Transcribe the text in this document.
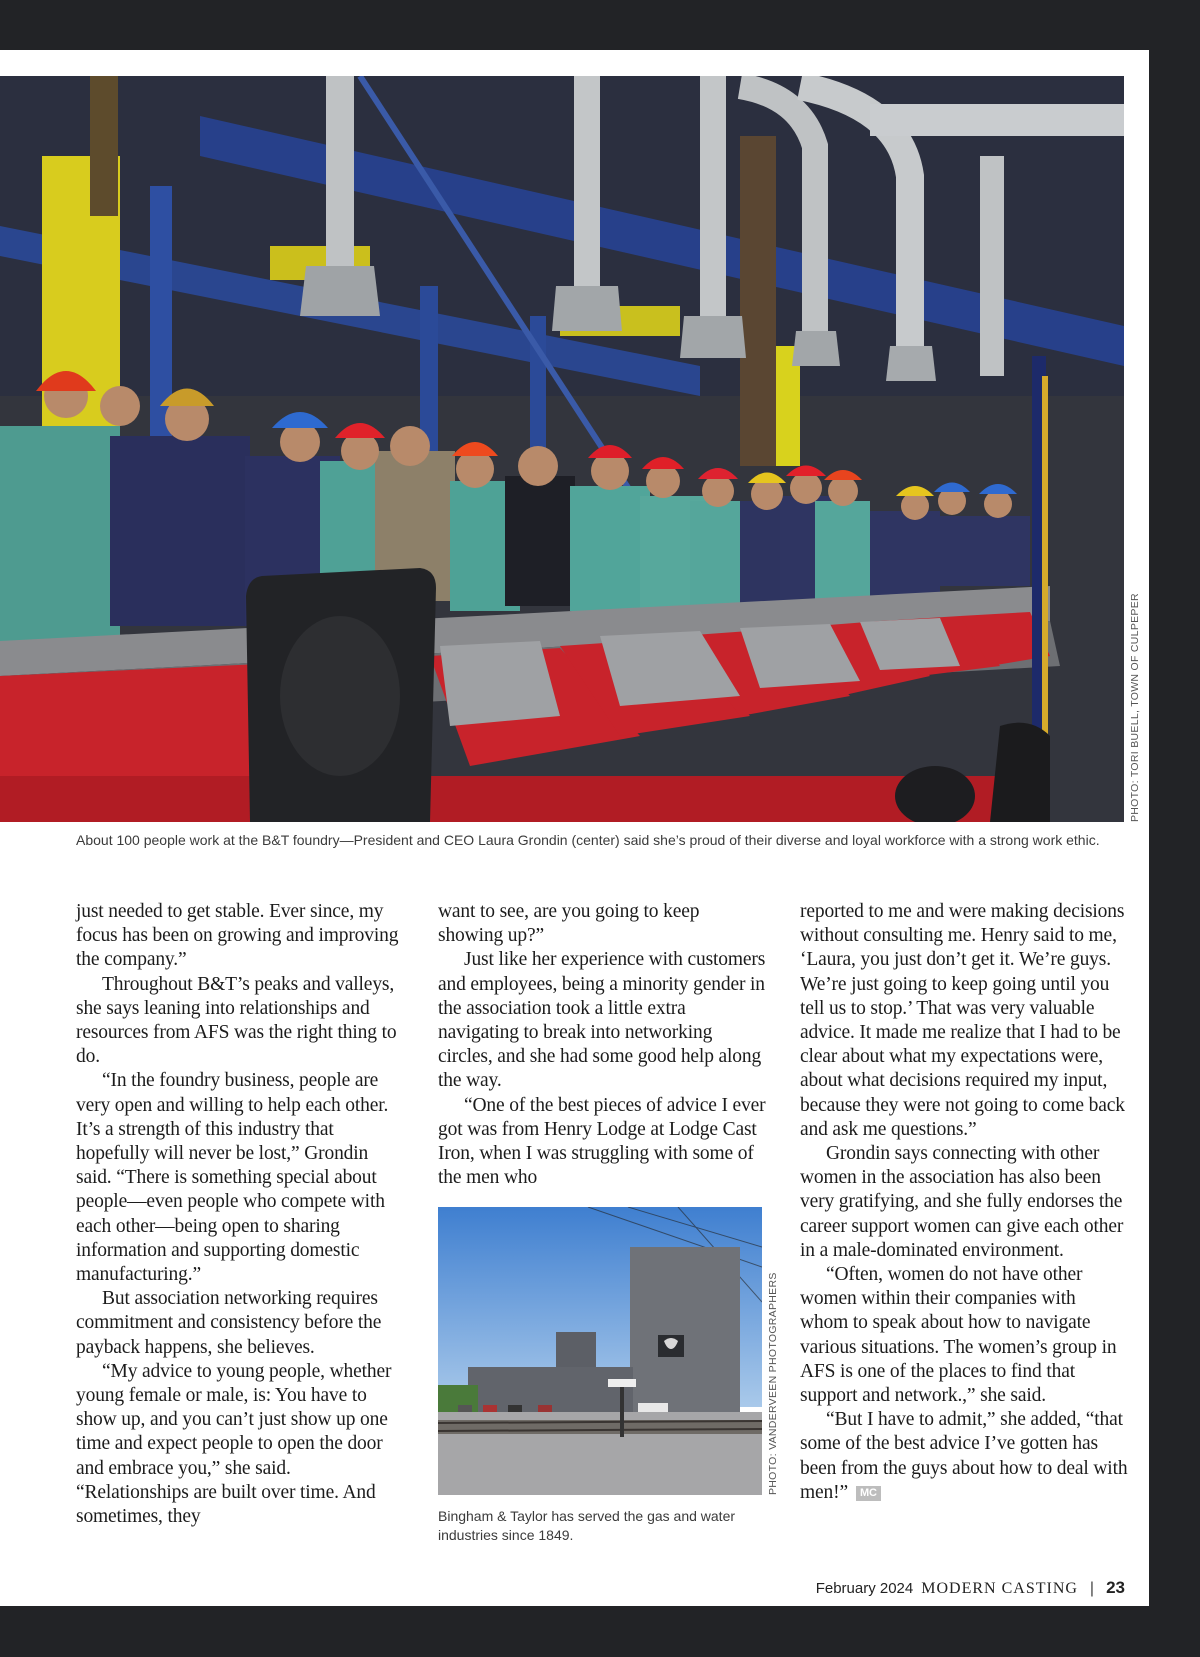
PHOTO: TORI BUELL, TOWN OF CULPEPER
About 100 people work at the B&T foundry—President and CEO Laura Grondin (center) said she’s proud of their diverse and loyal workforce with a strong work ethic.

just needed to get stable. Ever since, my focus has been on growing and improving the company.”

Throughout B&T’s peaks and valleys, she says leaning into relationships and resources from AFS was the right thing to do.

“In the foundry business, people are very open and willing to help each other. It’s a strength of this industry that hopefully will never be lost,” Grondin said. “There is something special about people—even people who compete with each other—being open to sharing information and supporting domestic manufacturing.”

But association networking requires commitment and consistency before the payback happens, she believes.

“My advice to young people, whether young female or male, is: You have to show up, and you can’t just show up one time and expect people to open the door and embrace you,” she said. “Relationships are built over time. And sometimes, they

want to see, are you going to keep showing up?”

Just like her experience with customers and employees, being a minority gender in the association took a little extra navigating to break into networking circles, and she had some good help along the way.

“One of the best pieces of advice I ever got was from Henry Lodge at Lodge Cast Iron, when I was struggling with some of the men who

PHOTO: VANDERVEEN PHOTOGRAPHERS
Bingham & Taylor has served the gas and water industries since 1849.

reported to me and were making decisions without consulting me. Henry said to me, ‘Laura, you just don’t get it. We’re guys. We’re just going to keep going until you tell us to stop.’ That was very valuable advice. It made me realize that I had to be clear about what my expectations were, about what decisions required my input, because they were not going to come back and ask me questions.”

Grondin says connecting with other women in the association has also been very gratifying, and she fully endorses the career support women can give each other in a male-dominated environment.

“Often, women do not have other women within their companies with whom to speak about how to navigate various situations. The women’s group in AFS is one of the places to find that support and network.,” she said.

“But I have to admit,” she added, “that some of the best advice I’ve gotten has been from the guys about how to deal with men!” MC

February 2024 MODERN CASTING | 23
